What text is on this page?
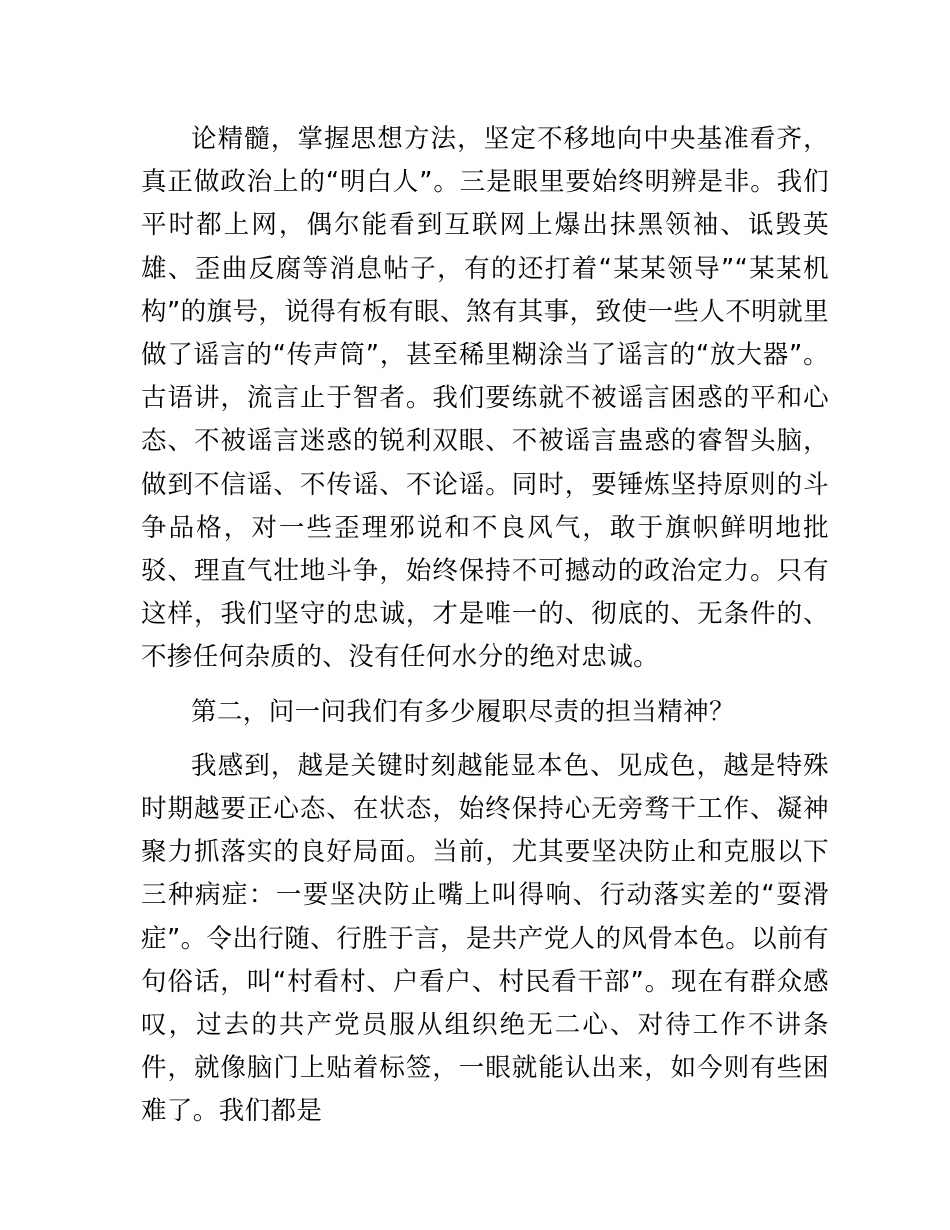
论精髓，掌握思想方法，坚定不移地向中央基准看齐，真正做政治上的“明白人”。三是眼里要始终明辨是非。我们平时都上网，偶尔能看到互联网上爆出抹黑领袖、诋毁英雄、歪曲反腐等消息帖子，有的还打着“某某领导”“某某机构”的旗号，说得有板有眼、煞有其事，致使一些人不明就里做了谣言的“传声筒”，甚至稀里糊涂当了谣言的“放大器”。古语讲，流言止于智者。我们要练就不被谣言困惑的平和心态、不被谣言迷惑的锐利双眼、不被谣言蛊惑的睿智头脑，做到不信谣、不传谣、不论谣。同时，要锤炼坚持原则的斗争品格，对一些歪理邪说和不良风气，敢于旗帜鲜明地批驳、理直气壮地斗争，始终保持不可撼动的政治定力。只有这样，我们坚守的忠诚，才是唯一的、彻底的、无条件的、不掺任何杂质的、没有任何水分的绝对忠诚。

第二，问一问我们有多少履职尽责的担当精神？

我感到，越是关键时刻越能显本色、见成色，越是特殊时期越要正心态、在状态，始终保持心无旁骛干工作、凝神聚力抓落实的良好局面。当前，尤其要坚决防止和克服以下三种病症：一要坚决防止嘴上叫得响、行动落实差的“耍滑症”。令出行随、行胜于言，是共产党人的风骨本色。以前有句俗话，叫“村看村、户看户、村民看干部”。现在有群众感叹，过去的共产党员服从组织绝无二心、对待工作不讲条件，就像脑门上贴着标签，一眼就能认出来，如今则有些困难了。我们都是
